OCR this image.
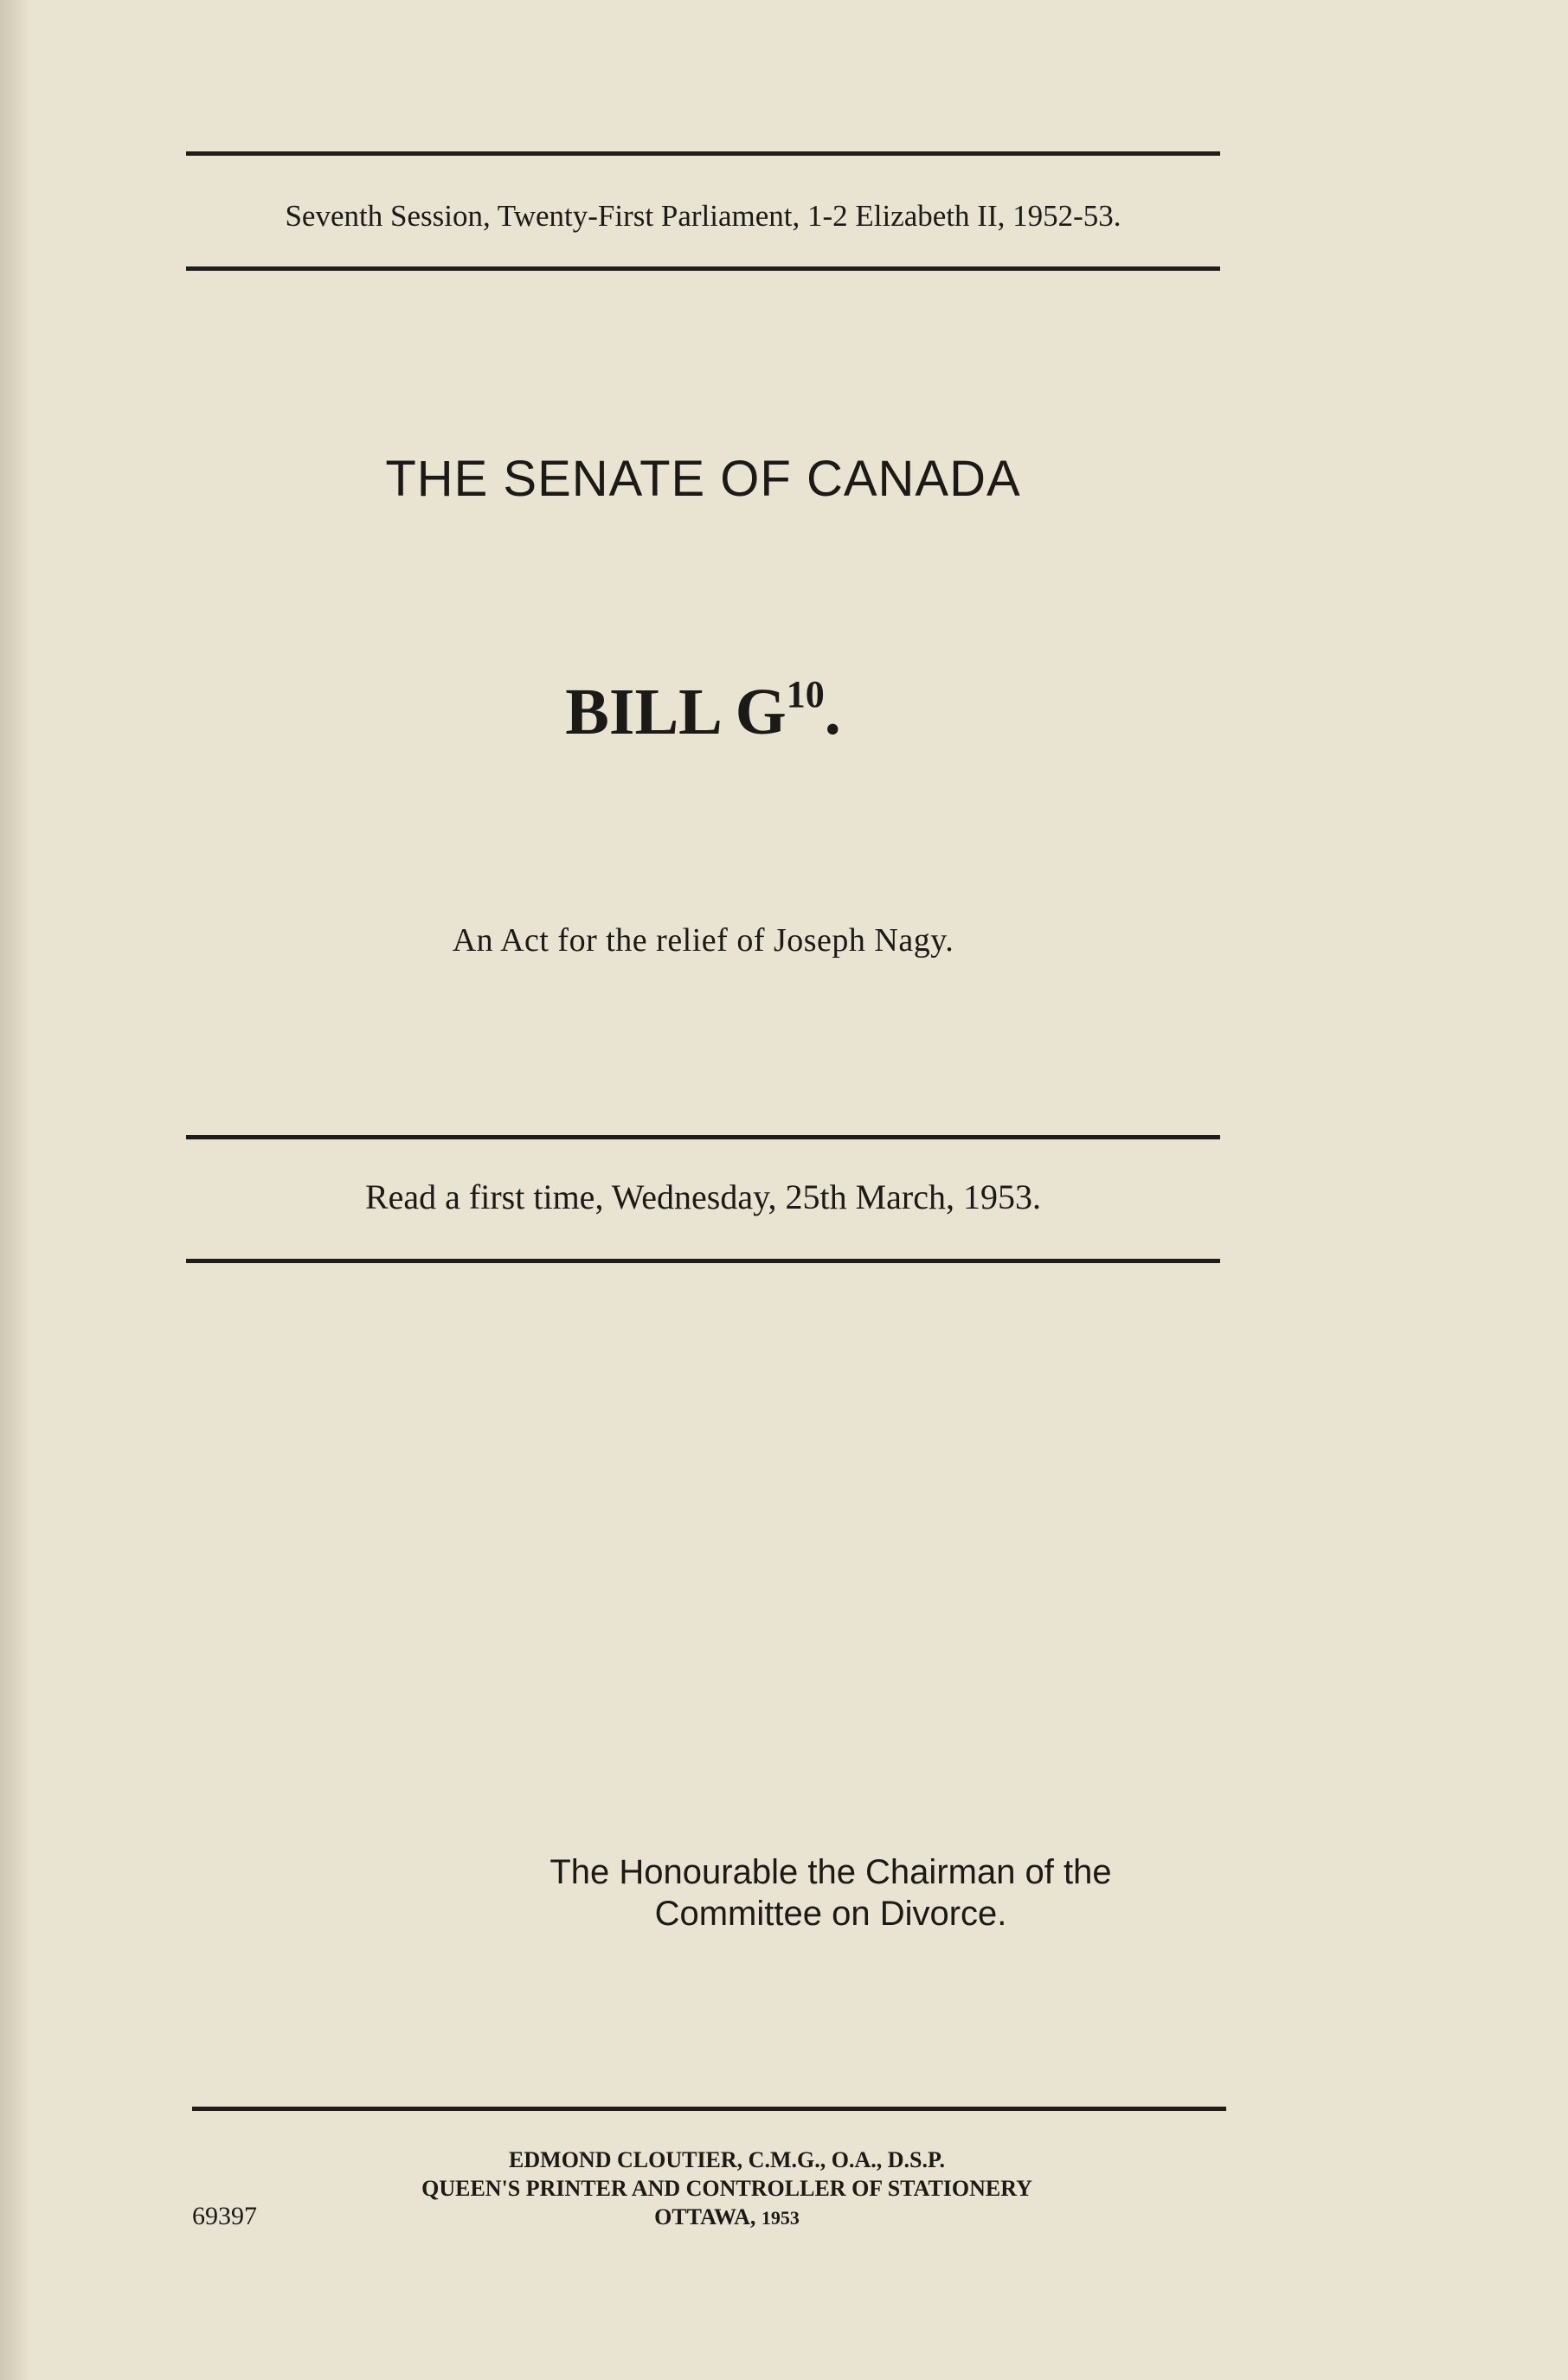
Seventh Session, Twenty-First Parliament, 1-2 Elizabeth II, 1952-53.
THE SENATE OF CANADA
BILL $G^{10}$.
An Act for the relief of Joseph Nagy.
Read a first time, Wednesday, 25th March, 1953.
The Honourable the Chairman of the
Committee on Divorce.
EDMOND CLOUTIER, C.M.G., O.A., D.S.P.
QUEEN'S PRINTER AND CONTROLLER OF STATIONERY
OTTAWA, 1953
69397
